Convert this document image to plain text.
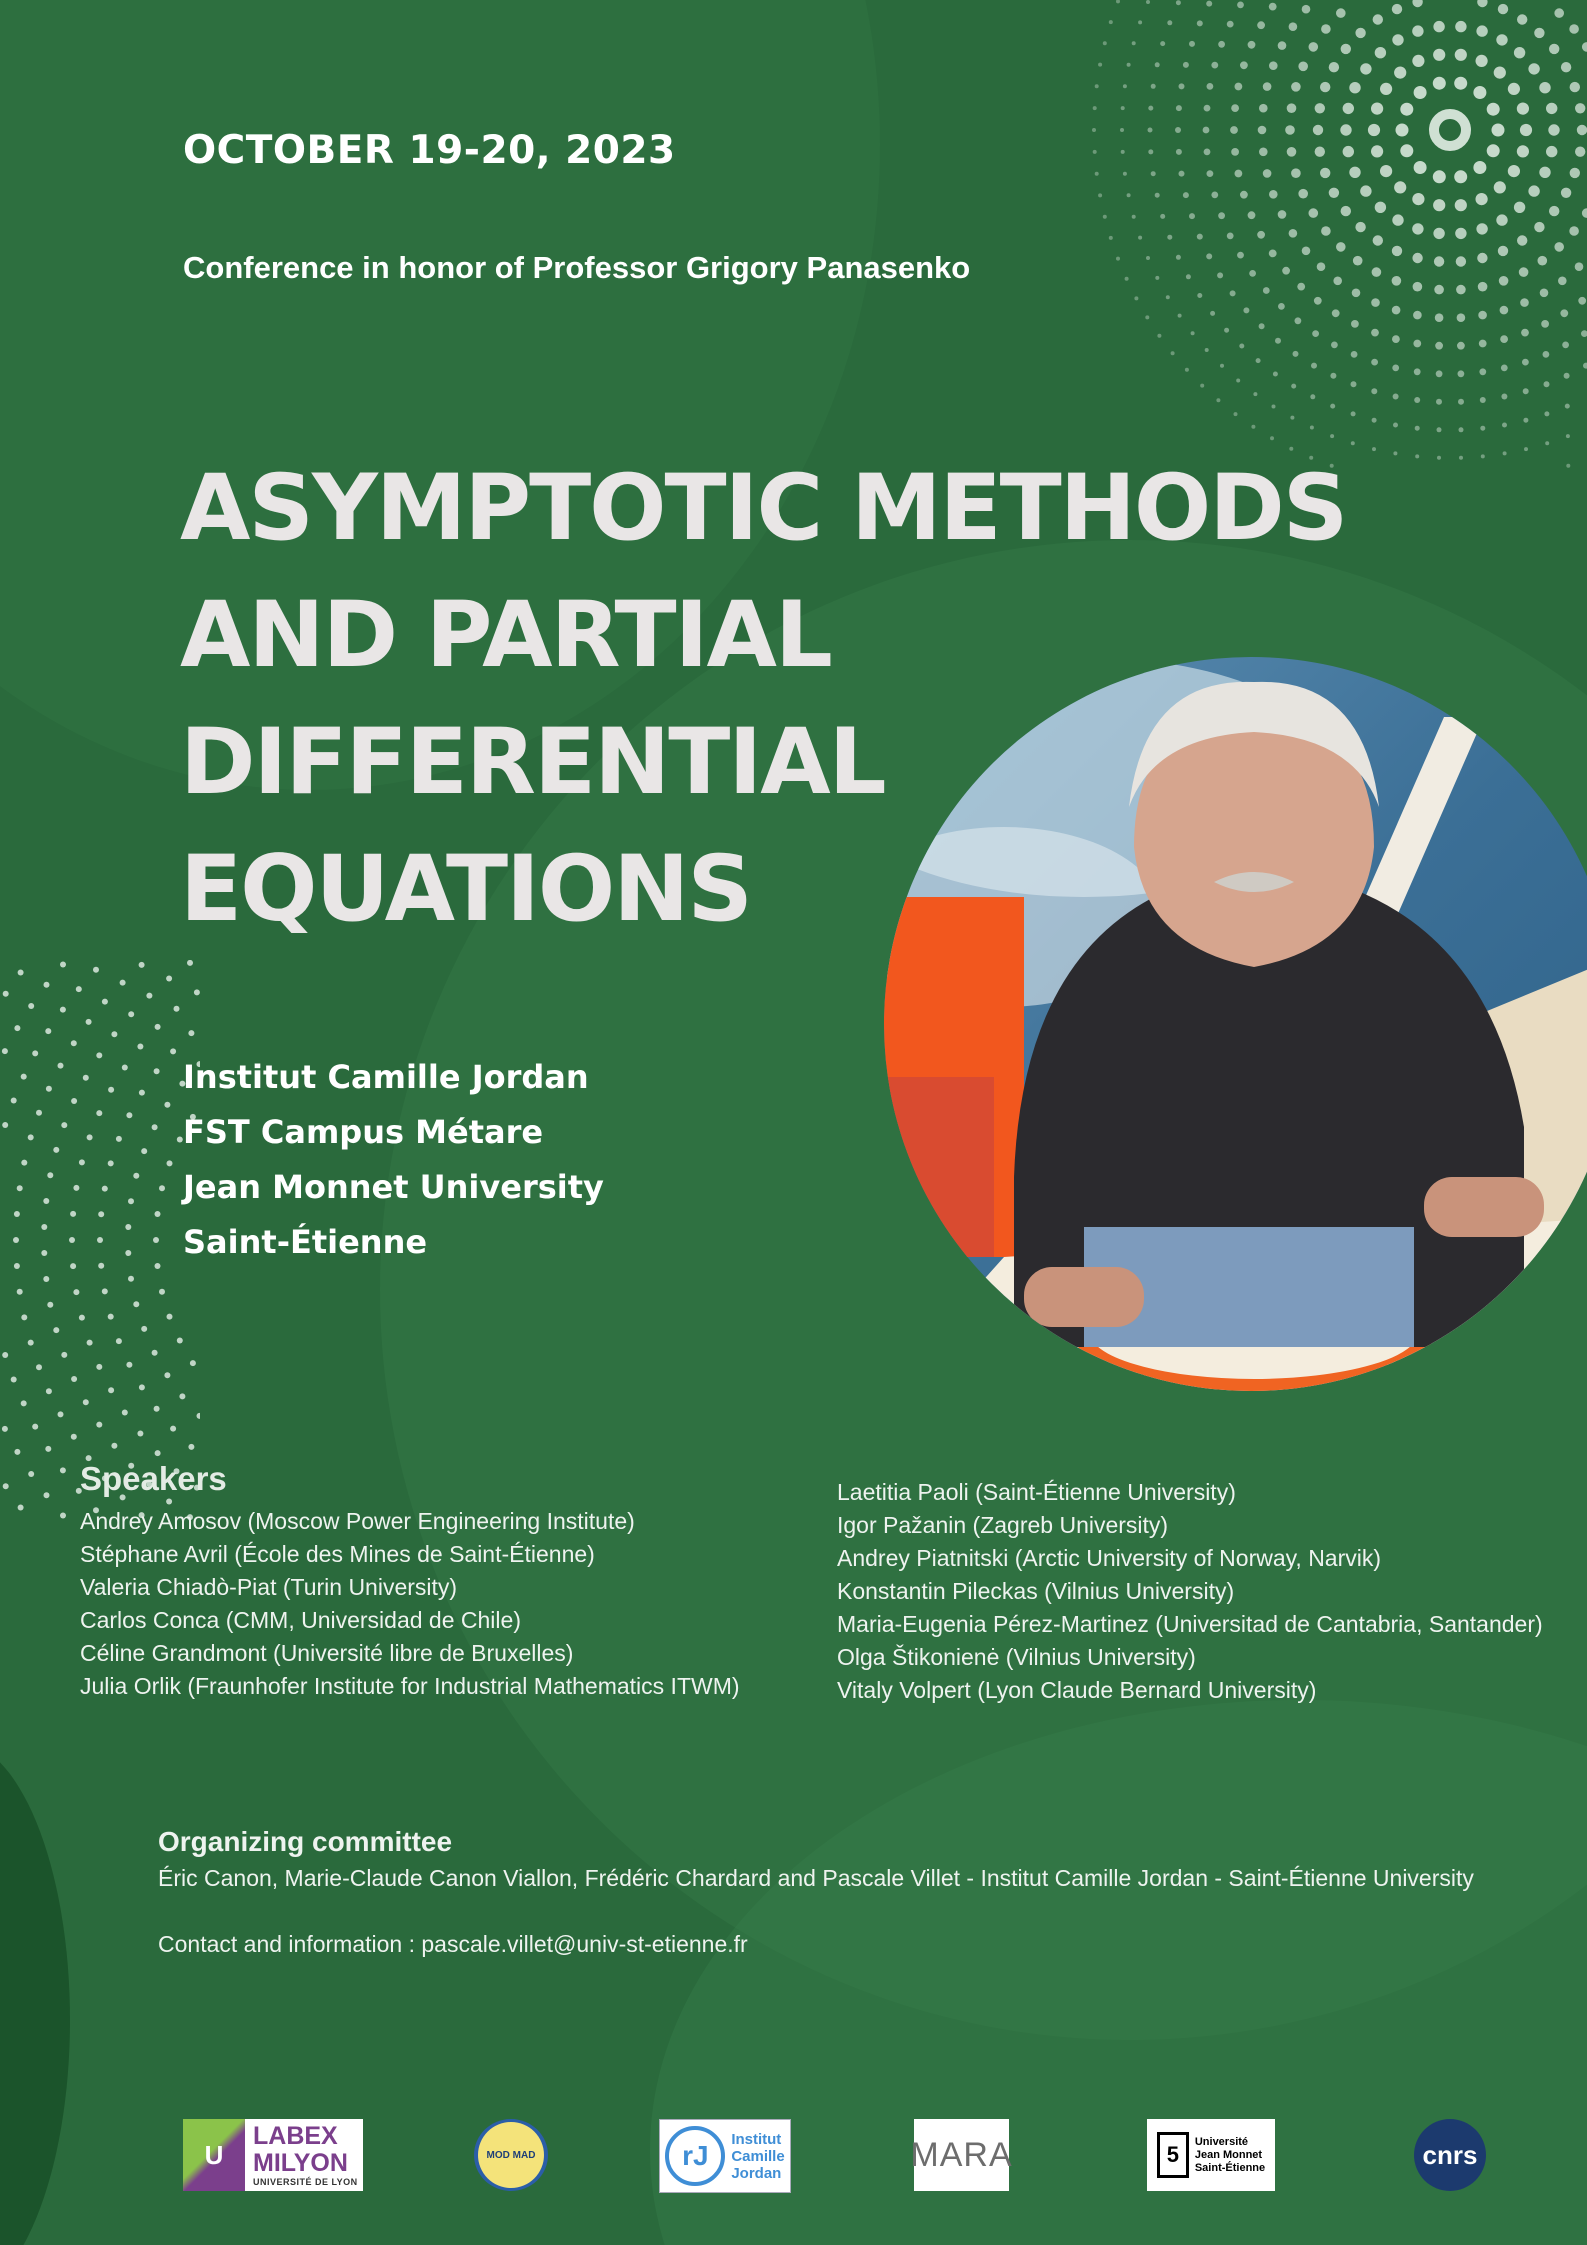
OCTOBER 19-20, 2023
Conference in honor of Professor Grigory Panasenko
ASYMPTOTIC METHODS
AND PARTIAL
DIFFERENTIAL
EQUATIONS
Institut Camille Jordan
FST Campus Métare
Jean Monnet University
Saint-Étienne
Speakers
Andrey Amosov (Moscow Power Engineering Institute)
Stéphane Avril (École des Mines de Saint-Étienne)
Valeria Chiadò-Piat (Turin University)
Carlos Conca (CMM, Universidad de Chile)
Céline Grandmont (Université libre de Bruxelles)
Julia Orlik (Fraunhofer Institute for Industrial Mathematics ITWM)
Laetitia Paoli (Saint-Étienne University)
Igor Pažanin (Zagreb University)
Andrey Piatnitski (Arctic University of Norway, Narvik)
Konstantin Pileckas (Vilnius University)
Maria-Eugenia Pérez-Martinez (Universitad de Cantabria, Santander)
Olga Štikonienė (Vilnius University)
Vitaly Volpert (Lyon Claude Bernard University)
Organizing committee
Éric Canon, Marie-Claude Canon Viallon, Frédéric Chardard and Pascale Villet - Institut Camille Jordan - Saint-Étienne University
Contact and information : pascale.villet@univ-st-etienne.fr
U
LABEX
MILYON
UNIVERSITÉ DE LYON
MOD MAD	rJ
Institut
Camille
Jordan	MARA	5
Université
Jean Monnet
Saint-Étienne	cnrs
